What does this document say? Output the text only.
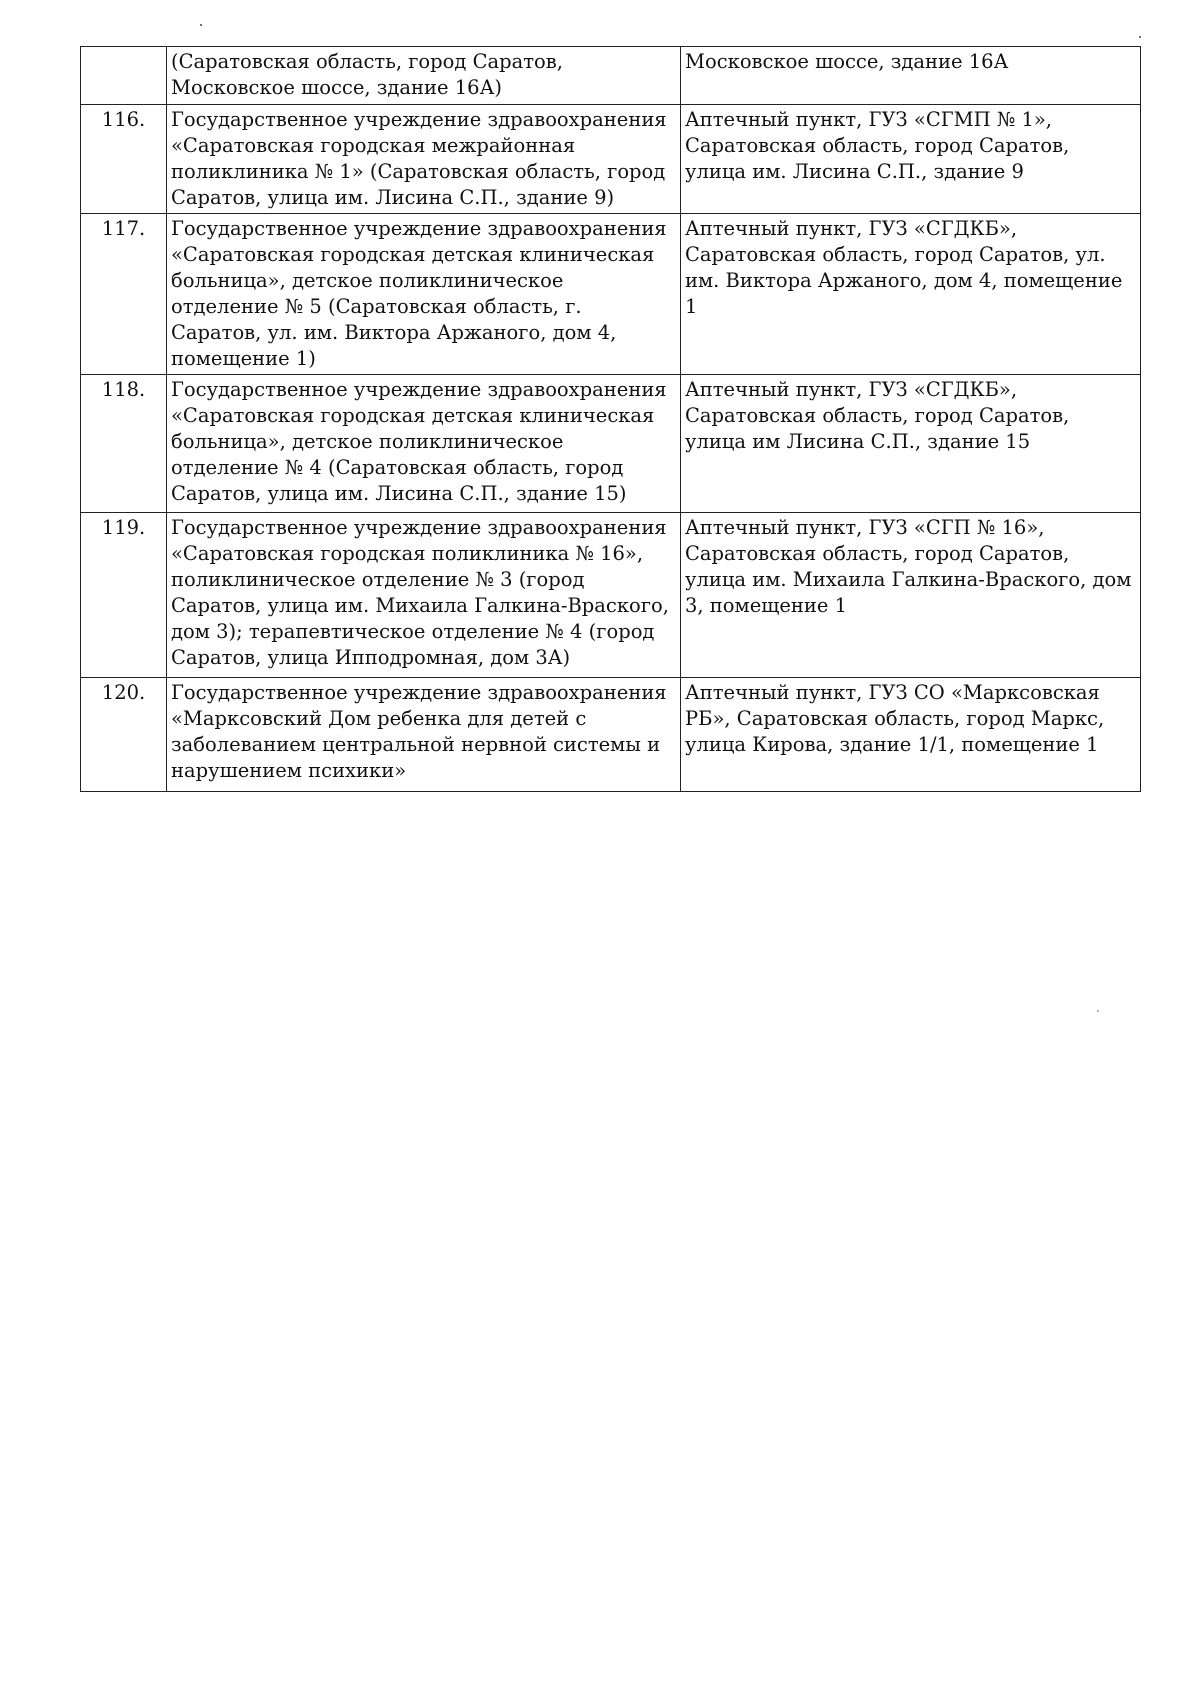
	(Саратовская область, город Саратов, Московское шоссе, здание 16А)	Московское шоссе, здание 16А
116.	Государственное учреждение здравоохранения «Саратовская городская межрайонная поликлиника № 1» (Саратовская область, город Саратов, улица им. Лисина С.П., здание 9)	Аптечный пункт, ГУЗ «СГМП № 1», Саратовская область, город Саратов, улица им. Лисина С.П., здание 9
117.	Государственное учреждение здравоохранения «Саратовская городская детская клиническая больница», детское поликлиническое отделение № 5 (Саратовская область, г. Саратов, ул. им. Виктора Аржаного, дом 4, помещение 1)	Аптечный пункт, ГУЗ «СГДКБ», Саратовская область, город Саратов, ул. им. Виктора Аржаного, дом 4, помещение 1
118.	Государственное учреждение здравоохранения «Саратовская городская детская клиническая больница», детское поликлиническое отделение № 4 (Саратовская область, город Саратов, улица им. Лисина С.П., здание 15)	Аптечный пункт, ГУЗ «СГДКБ», Саратовская область, город Саратов, улица им Лисина С.П., здание 15
119.	Государственное учреждение здравоохранения «Саратовская городская поликлиника № 16», поликлиническое отделение № 3 (город Саратов, улица им. Михаила Галкина-Враского, дом 3); терапевтическое отделение № 4 (город Саратов, улица Ипподромная, дом 3А)	Аптечный пункт, ГУЗ «СГП № 16», Саратовская область, город Саратов, улица им. Михаила Галкина-Враского, дом 3, помещение 1
120.	Государственное учреждение здравоохранения «Марксовский Дом ребенка для детей с заболеванием центральной нервной системы и нарушением психики»	Аптечный пункт, ГУЗ СО «Марксовская РБ», Саратовская область, город Маркс, улица Кирова, здание 1/1, помещение 1
